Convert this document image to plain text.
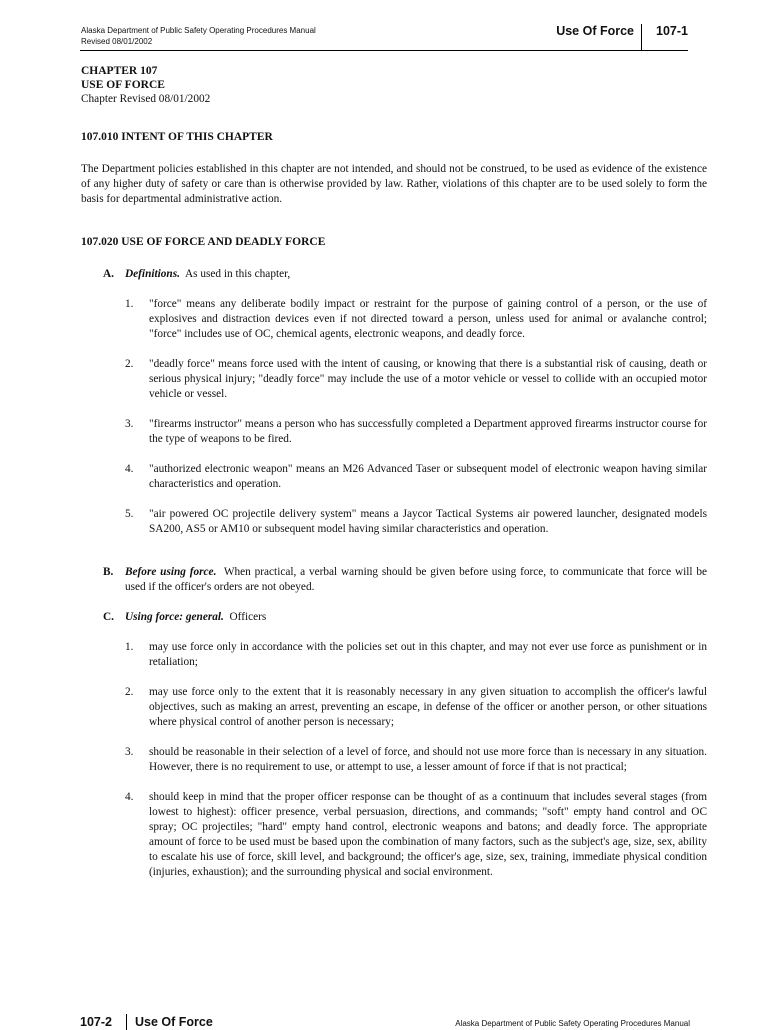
Alaska Department of Public Safety Operating Procedures Manual
Revised 08/01/2002
Use Of Force 107-1
CHAPTER 107
USE OF FORCE
Chapter Revised 08/01/2002
107.010 INTENT OF THIS CHAPTER
The Department policies established in this chapter are not intended, and should not be construed, to be used as evidence of the existence of any higher duty of safety or care than is otherwise provided by law. Rather, violations of this chapter are to be used solely to form the basis for departmental administrative action.
107.020 USE OF FORCE AND DEADLY FORCE
A. Definitions. As used in this chapter,
1. "force" means any deliberate bodily impact or restraint for the purpose of gaining control of a person, or the use of explosives and distraction devices even if not directed toward a person, unless used for animal or avalanche control; "force" includes use of OC, chemical agents, electronic weapons, and deadly force.
2. "deadly force" means force used with the intent of causing, or knowing that there is a substantial risk of causing, death or serious physical injury; "deadly force" may include the use of a motor vehicle or vessel to collide with an occupied motor vehicle or vessel.
3. "firearms instructor" means a person who has successfully completed a Department approved firearms instructor course for the type of weapons to be fired.
4. "authorized electronic weapon" means an M26 Advanced Taser or subsequent model of electronic weapon having similar characteristics and operation.
5. "air powered OC projectile delivery system" means a Jaycor Tactical Systems air powered launcher, designated models SA200, AS5 or AM10 or subsequent model having similar characteristics and operation.
B.	Before using force. When practical, a verbal warning should be given before using force, to communicate that force will be used if the officer's orders are not obeyed.
C. Using force: general. Officers
1. may use force only in accordance with the policies set out in this chapter, and may not ever use force as punishment or in retaliation;
2. may use force only to the extent that it is reasonably necessary in any given situation to accomplish the officer's lawful objectives, such as making an arrest, preventing an escape, in defense of the officer or another person, or other situations where physical control of another person is necessary;
3. should be reasonable in their selection of a level of force, and should not use more force than is necessary in any situation. However, there is no requirement to use, or attempt to use, a lesser amount of force if that is not practical;
4. should keep in mind that the proper officer response can be thought of as a continuum that includes several stages (from lowest to highest): officer presence, verbal persuasion, directions, and commands; "soft" empty hand control and OC spray; OC projectiles; "hard" empty hand control, electronic weapons and batons; and deadly force. The appropriate amount of force to be used must be based upon the combination of many factors, such as the subject's age, size, sex, ability to escalate his use of force, skill level, and background; the officer's age, size, sex, training, immediate physical condition (injuries, exhaustion); and the surrounding physical and social environment.
107-2 Use Of Force	Alaska Department of Public Safety Operating Procedures Manual
